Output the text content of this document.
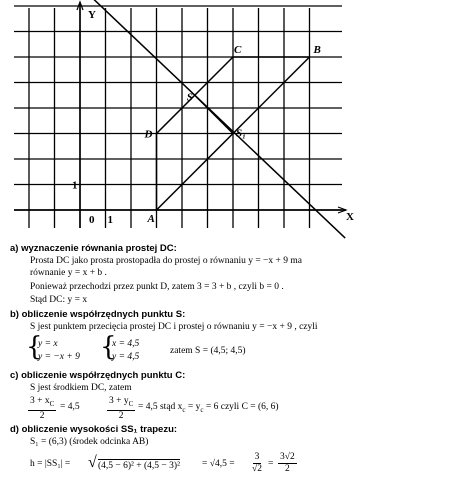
Y
X
0 1
1
A
B
C
D
S
S₁
a) wyznaczenie równania prostej DC:
Prosta DC jako prosta prostopadła do prostej o równaniu y = −x + 9 ma
równanie y = x + b .
Ponieważ przechodzi przez punkt D, zatem 3 = 3 + b , czyli b = 0 .
Stąd DC: y = x
b) obliczenie współrzędnych punktu S:
S jest punktem przecięcia prostej DC i prostej o równaniu y = −x + 9 , czyli
{
y = x
y = −x + 9 {
x = 4,5
y = 4,5
zatem S = (4,5; 4,5)
c) obliczenie współrzędnych punktu C:
S jest środkiem DC, zatem
$\frac{3 + x_C}{2} = 4,5$	$\frac{3 + y_C}{2} = 4,5$ stąd $x_c = y_c = 6$ czyli C = (6, 6)
d) obliczenie wysokości SS₁ trapezu:
S₁ = (6,3) (środek odcinka AB)
h = |SS₁| = √ $(4,5 - 6)^2 + (4,5 - 3)^2 = √4,5 = \frac{3}{√2} = \frac{3√2}{2}$
